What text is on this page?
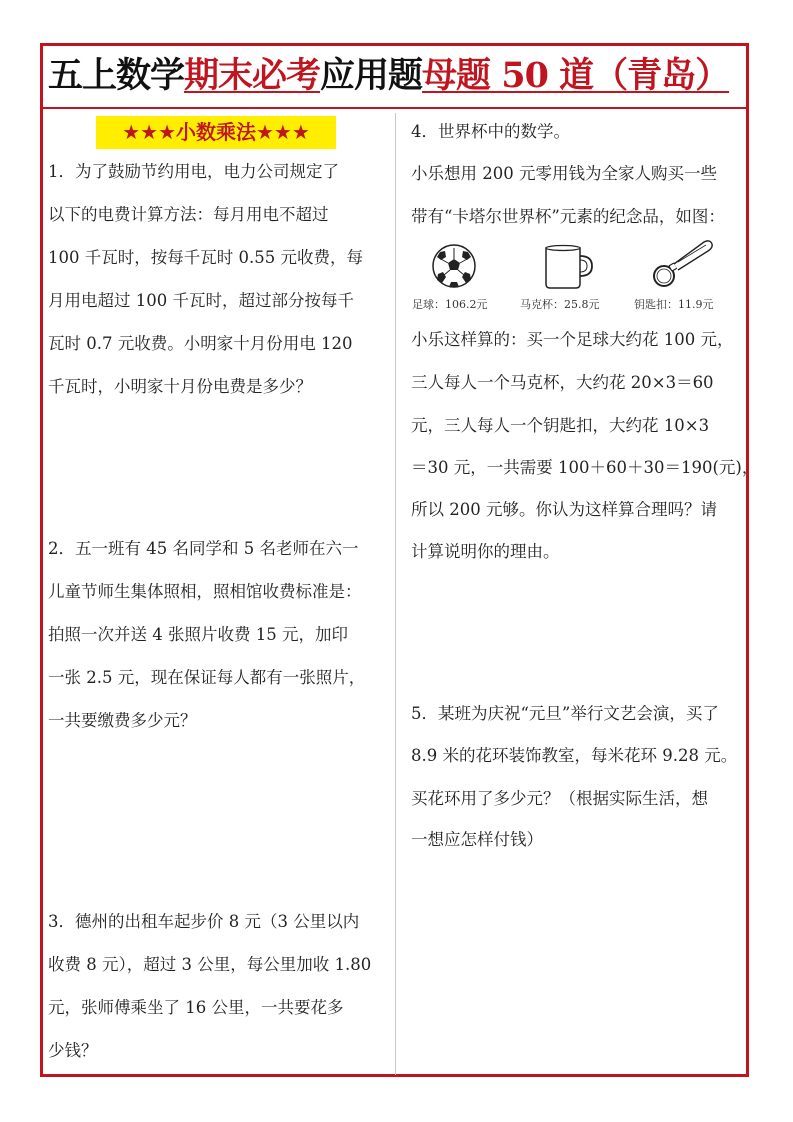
五上数学期末必考应用题母题 50 道（青岛）
★★★小数乘法★★★

1．为了鼓励节约用电，电力公司规定了

以下的电费计算方法：每月用电不超过

100 千瓦时，按每千瓦时 0.55 元收费，每

月用电超过 100 千瓦时，超过部分按每千

瓦时 0.7 元收费。小明家十月份用电 120

千瓦时，小明家十月份电费是多少？

2．五一班有 45 名同学和 5 名老师在六一

儿童节师生集体照相，照相馆收费标准是：

拍照一次并送 4 张照片收费 15 元，加印

一张 2.5 元，现在保证每人都有一张照片，

一共要缴费多少元？

3．德州的出租车起步价 8 元（3 公里以内

收费 8 元），超过 3 公里，每公里加收 1.80

元，张师傅乘坐了 16 公里，一共要花多

少钱？

4．世界杯中的数学。

小乐想用 200 元零用钱为全家人购买一些

带有“卡塔尔世界杯”元素的纪念品，如图：

足球：106.2元	马克杯：25.8元	钥匙扣：11.9元

小乐这样算的：买一个足球大约花 100 元，

三人每人一个马克杯，大约花 20×3＝60

元，三人每人一个钥匙扣，大约花 10×3

＝30 元，一共需要 100＋60＋30＝190(元)，

所以 200 元够。你认为这样算合理吗？请

计算说明你的理由。

5．某班为庆祝“元旦”举行文艺会演，买了

8.9 米的花环装饰教室，每米花环 9.28 元。

买花环用了多少元？（根据实际生活，想

一想应怎样付钱）
